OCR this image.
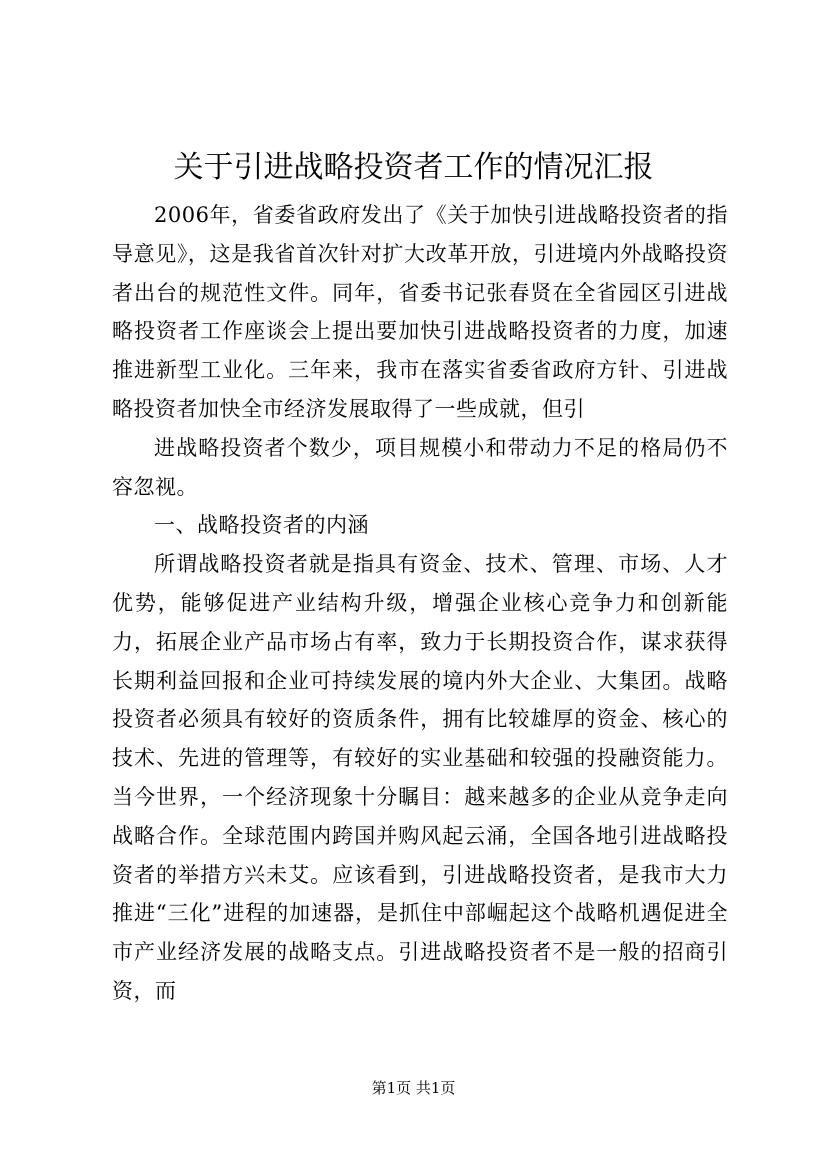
关于引进战略投资者工作的情况汇报

2006年，省委省政府发出了《关于加快引进战略投资者的指导意见》，这是我省首次针对扩大改革开放，引进境内外战略投资者出台的规范性文件。同年，省委书记张春贤在全省园区引进战略投资者工作座谈会上提出要加快引进战略投资者的力度，加速推进新型工业化。三年来，我市在落实省委省政府方针、引进战略投资者加快全市经济发展取得了一些成就，但引

进战略投资者个数少，项目规模小和带动力不足的格局仍不容忽视。

一、战略投资者的内涵

所谓战略投资者就是指具有资金、技术、管理、市场、人才优势，能够促进产业结构升级，增强企业核心竞争力和创新能力，拓展企业产品市场占有率，致力于长期投资合作，谋求获得长期利益回报和企业可持续发展的境内外大企业、大集团。战略投资者必须具有较好的资质条件，拥有比较雄厚的资金、核心的技术、先进的管理等，有较好的实业基础和较强的投融资能力。当今世界，一个经济现象十分瞩目：越来越多的企业从竞争走向战略合作。全球范围内跨国并购风起云涌，全国各地引进战略投资者的举措方兴未艾。应该看到，引进战略投资者，是我市大力推进“三化”进程的加速器，是抓住中部崛起这个战略机遇促进全市产业经济发展的战略支点。引进战略投资者不是一般的招商引资，而

第1页 共1页
